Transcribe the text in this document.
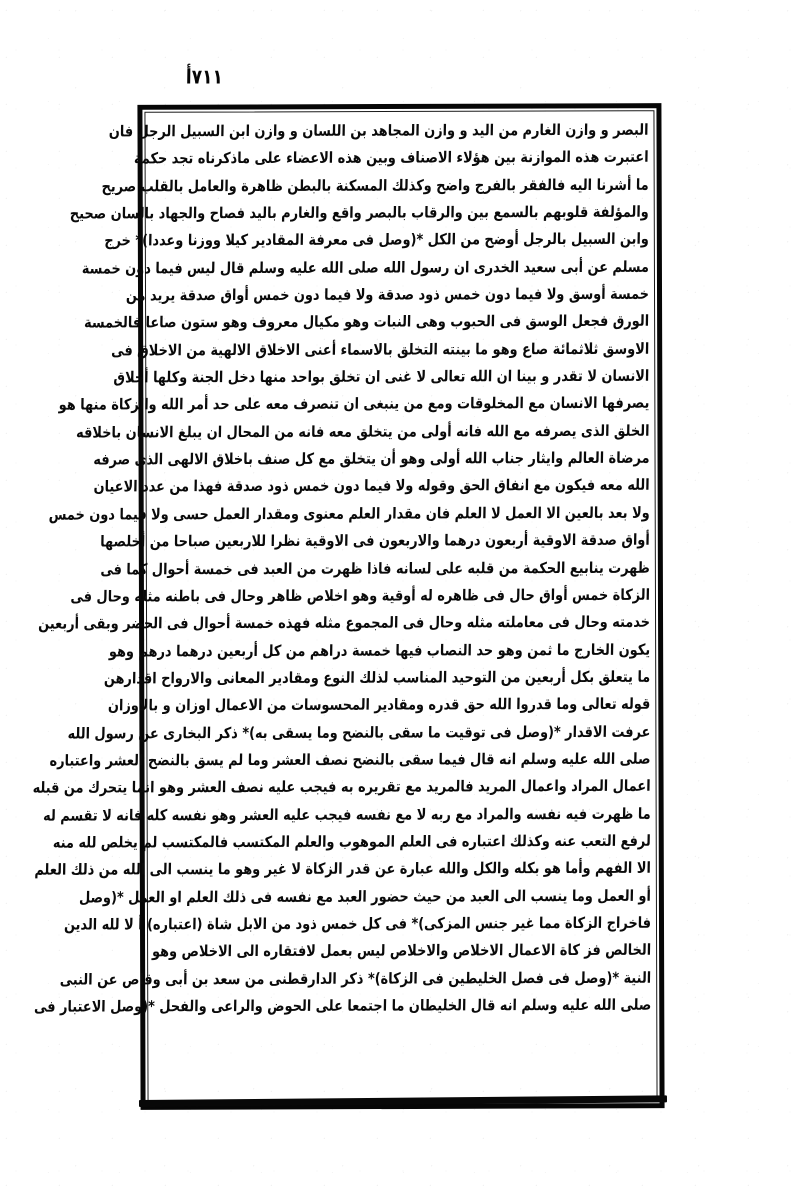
٧١١أ
البصر و وازن الغارم من اليد و وازن المجاهد بن اللسان و وازن ابن السبيل الرجل فان
اعتبرت هذه الموازنة بين هؤلاء الاصناف وبين هذه الاعضاء على ماذكرناه تجد حكمة
ما أشرنا اليه فالفقر بالفرج واضح وكذلك المسكنة بالبطن ظاهرة والعامل بالقلب صريح
والمؤلفة قلوبهم بالسمع بين والرقاب بالبصر واقع والغارم باليد فصاح والجهاد بالسان صحيح
وابن السبيل بالرجل أوضح من الكل *(وصل فى معرفة المقادير كيلا ووزنا وعددا)* خرج
مسلم عن أبى سعيد الخدرى ان رسول الله صلى الله عليه وسلم قال ليس فيما دون خمسة
خمسة أوسق ولا فيما دون خمس ذود صدقة ولا فيما دون خمس أواق صدقة يريد من
الورق فجعل الوسق فى الحبوب وهى النبات وهو مكيال معروف وهو ستون صاعا فالخمسة
الاوسق ثلاثمائة صاع وهو ما بينته التخلق بالاسماء أعنى الاخلاق الالهية من الاخلاق فى
الانسان لا تقدر و بينا ان الله تعالى لا غنى ان تخلق بواحد منها دخل الجنة وكلها أخلاق
يصرفها الانسان مع المخلوقات ومع من ينبغى ان تنصرف معه على حد أمر الله والزكاة منها هو
الخلق الذى يصرفه مع الله فانه أولى من يتخلق معه فانه من المحال ان يبلغ الانسان باخلاقه
مرضاة العالم وايثار جناب الله أولى وهو أن يتخلق مع كل صنف باخلاق الالهى الذى صرفه
الله معه فيكون مع انفاق الحق وقوله ولا فيما دون خمس ذود صدقة فهذا من عدد الاعيان
ولا بعد بالعين الا العمل لا العلم فان مقدار العلم معنوى ومقدار العمل حسى ولا فيما دون خمس
أواق صدقة الاوقية أربعون درهما والاربعون فى الاوقية نظرا للاربعين صباحا من أخلصها
ظهرت ينابيع الحكمة من قلبه على لسانه فاذا ظهرت من العبد فى خمسة أحوال كما فى
الزكاة خمس أواق حال فى ظاهره له أوقية وهو اخلاص ظاهر وحال فى باطنه مثله وحال فى
خدمته وحال فى معاملته مثله وحال فى المجموع مثله فهذه خمسة أحوال فى الحضر وبقى أربعين
يكون الخارج ما ثمن وهو حد النصاب فيها خمسة دراهم من كل أربعين درهما درهم وهو
ما يتعلق بكل أربعين من التوحيد المناسب لذلك النوع ومقادير المعانى والارواح اقدارهن
قوله تعالى وما قدروا الله حق قدره ومقادير المحسوسات من الاعمال اوزان و بالاوزان
عرفت الاقدار *(وصل فى توقيت ما سقى بالنضح وما يسقى به)* ذكر البخارى عن رسول الله
صلى الله عليه وسلم انه قال فيما سقى بالنضح نصف العشر وما لم يسق بالنضح العشر واعتباره
اعمال المراد واعمال المريد فالمريد مع تقريره به فيجب عليه نصف العشر وهو انما يتحرك من قبله
ما ظهرت فيه نفسه والمراد مع ربه لا مع نفسه فيجب عليه العشر وهو نفسه كله فانه لا تقسم له
لرفع التعب عنه وكذلك اعتباره فى العلم الموهوب والعلم المكتسب فالمكتسب لم يخلص لله منه
الا الفهم وأما هو بكله والكل والله عبارة عن قدر الزكاة لا غير وهو ما ينسب الى الله من ذلك العلم
أو العمل وما ينسب الى العبد من حيث حضور العبد مع نفسه فى ذلك العلم او العمل *(وصل
فاخراج الزكاة مما غير جنس المزكى)* فى كل خمس ذود من الابل شاة (اعتباره) أ لا لله الدين
الخالص فز كاة الاعمال الاخلاص والاخلاص ليس بعمل لافتقاره الى الاخلاص وهو
النية *(وصل فى فصل الخليطين فى الزكاة)* ذكر الدارقطنى من سعد بن أبى وقاص عن النبى
صلى الله عليه وسلم انه قال الخليطان ما اجتمعا على الحوض والراعى والفحل *(وصل الاعتبار فى
